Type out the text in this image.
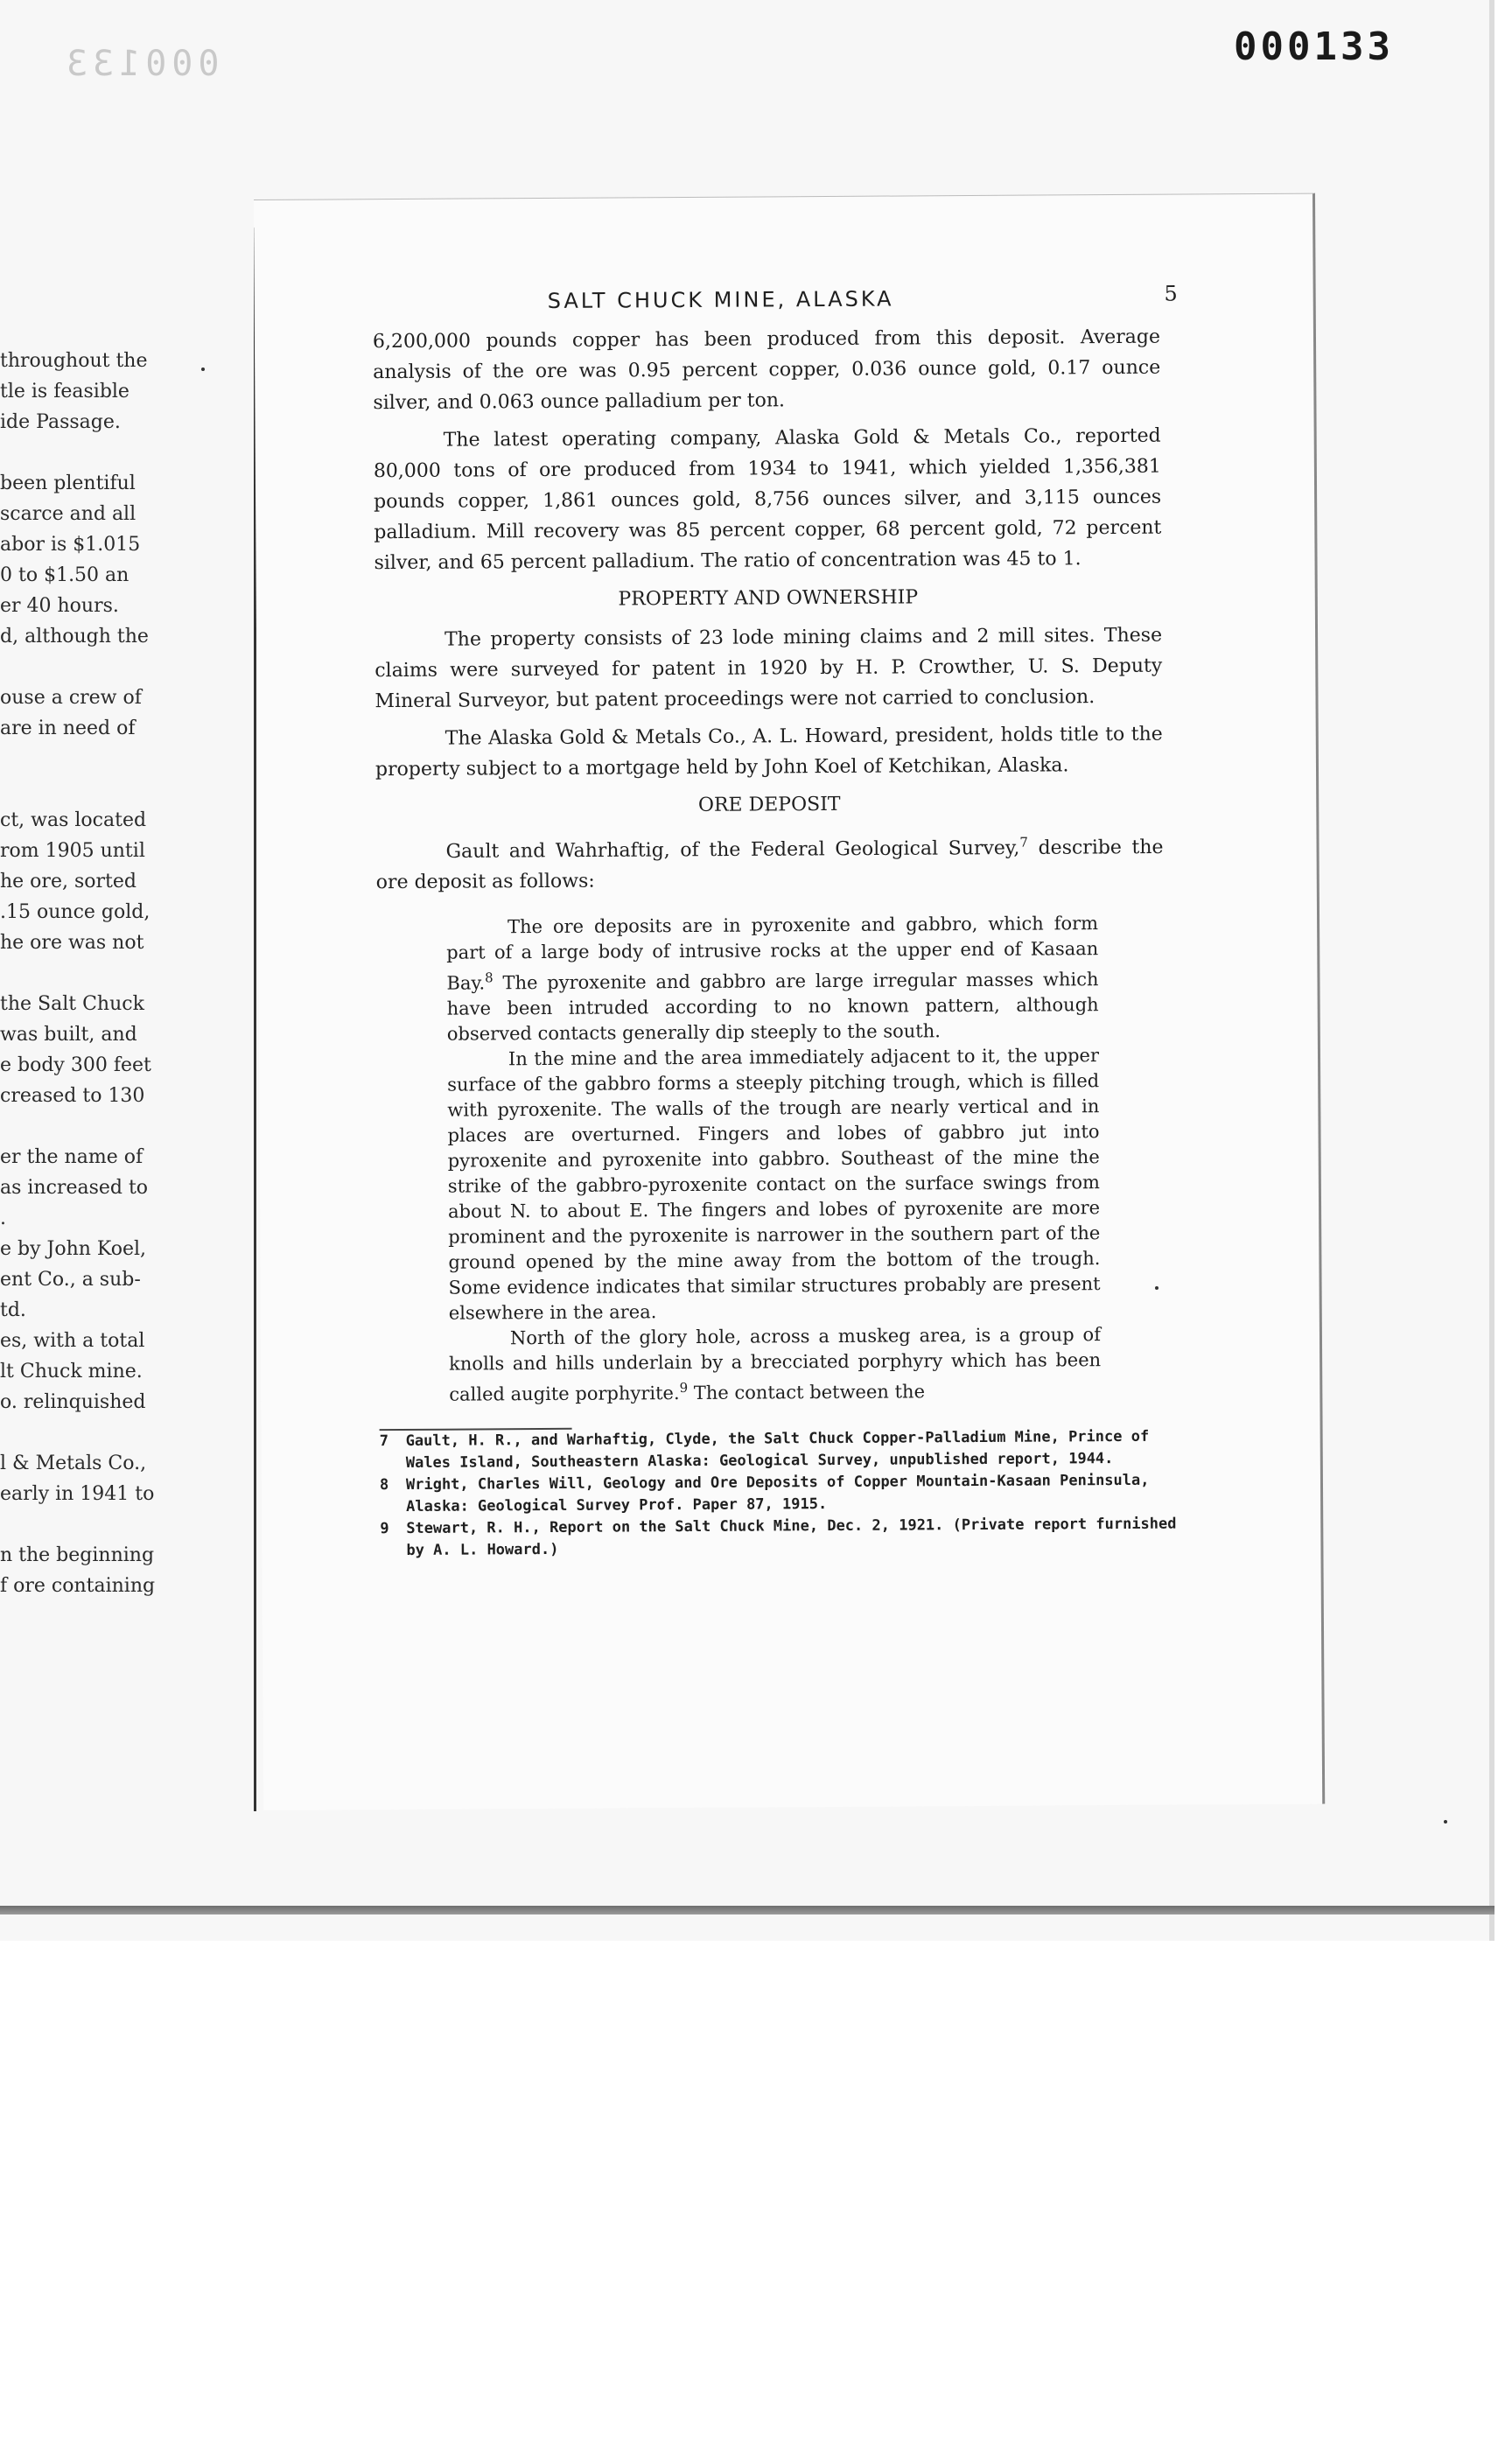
000133
000133
throughout the
tle is feasible
ide Passage.
been plentiful
scarce and all
abor is $1.015
0 to $1.50 an
er 40 hours.
d, although the
ouse a crew of
are in need of
ct, was located
rom 1905 until
he ore, sorted
.15 ounce gold,
he ore was not
the Salt Chuck
was built, and
e body 300 feet
creased to 130
er the name of
as increased to
.
e by John Koel,
ent Co., a sub-
td.
es, with a total
lt Chuck mine.
o. relinquished
l & Metals Co.,
early in 1941 to
n the beginning
f ore containing
SALT CHUCK MINE, ALASKA	5

6,200,000 pounds copper has been produced from this deposit. Average analysis of the ore was 0.95 percent copper, 0.036 ounce gold, 0.17 ounce silver, and 0.063 ounce palladium per ton.

The latest operating company, Alaska Gold & Metals Co., reported 80,000 tons of ore produced from 1934 to 1941, which yielded 1,356,381 pounds copper, 1,861 ounces gold, 8,756 ounces silver, and 3,115 ounces palladium. Mill recovery was 85 percent copper, 68 percent gold, 72 percent silver, and 65 percent palladium. The ratio of concentration was 45 to 1.

PROPERTY AND OWNERSHIP

The property consists of 23 lode mining claims and 2 mill sites. These claims were surveyed for patent in 1920 by H. P. Crowther, U. S. Deputy Mineral Surveyor, but patent proceedings were not carried to conclusion.

The Alaska Gold & Metals Co., A. L. Howard, president, holds title to the property subject to a mortgage held by John Koel of Ketchikan, Alaska.

ORE DEPOSIT

Gault and Wahrhaftig, of the Federal Geological Survey,$^7$ describe the ore deposit as follows:

The ore deposits are in pyroxenite and gabbro, which form part of a large body of intrusive rocks at the upper end of Kasaan Bay.$^8$ The pyroxenite and gabbro are large irregular masses which have been intruded according to no known pattern, although observed contacts generally dip steeply to the south.

In the mine and the area immediately adjacent to it, the upper surface of the gabbro forms a steeply pitching trough, which is filled with pyroxenite. The walls of the trough are nearly vertical and in places are overturned. Fingers and lobes of gabbro jut into pyroxenite and pyroxenite into gabbro. Southeast of the mine the strike of the gabbro-pyroxenite contact on the surface swings from about N. to about E. The fingers and lobes of pyroxenite are more prominent and the pyroxenite is narrower in the southern part of the ground opened by the mine away from the bottom of the trough. Some evidence indicates that similar structures probably are present elsewhere in the area.

North of the glory hole, across a muskeg area, is a group of knolls and hills underlain by a brecciated porphyry which has been called augite porphyrite.$^9$ The contact between the

7	Gault, H. R., and Warhaftig, Clyde, the Salt Chuck Copper-Palladium Mine, Prince of Wales Island, Southeastern Alaska: Geological Survey, unpublished report, 1944.
8	Wright, Charles Will, Geology and Ore Deposits of Copper Mountain-Kasaan Peninsula, Alaska: Geological Survey Prof. Paper 87, 1915.
9	Stewart, R. H., Report on the Salt Chuck Mine, Dec. 2, 1921. (Private report furnished by A. L. Howard.)
